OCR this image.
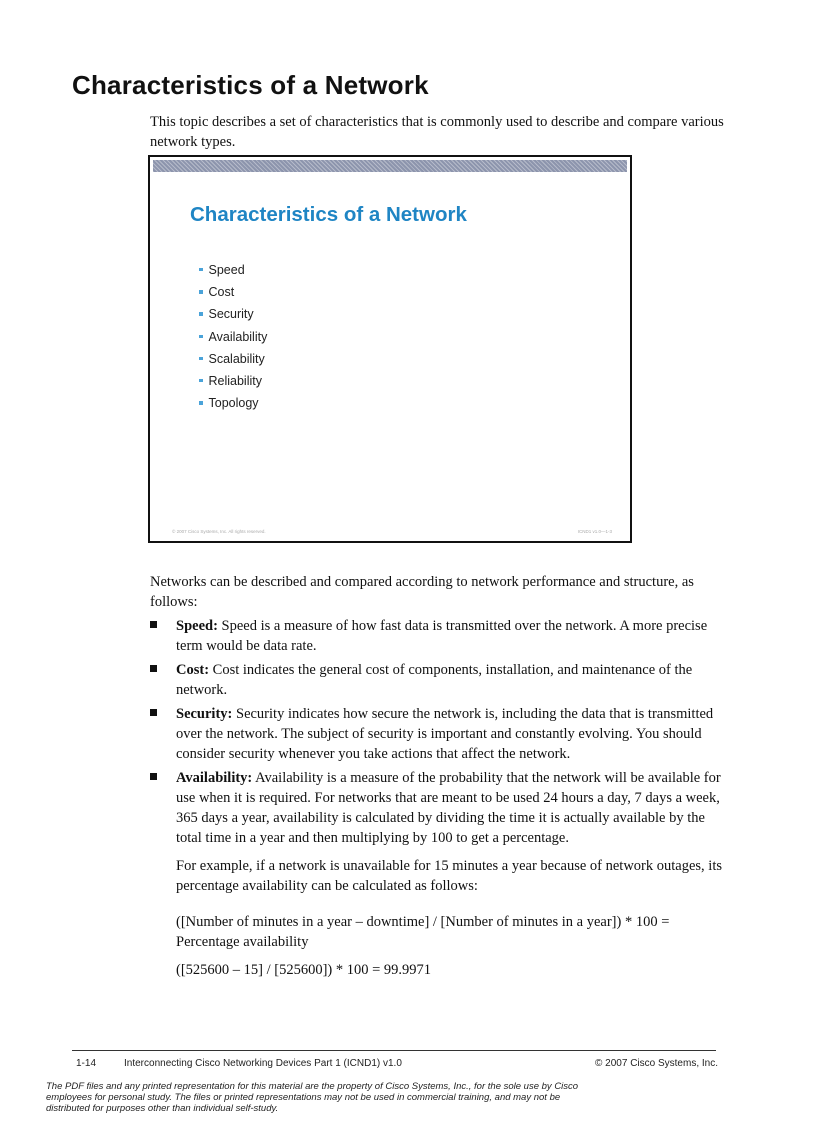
Characteristics of a Network
This topic describes a set of characteristics that is commonly used to describe and compare various network types.
Characteristics of a Network
Speed
Cost
Security
Availability
Scalability
Reliability
Topology
© 2007 Cisco Systems, Inc. All rights reserved.	ICND1 v1.0—1-3
Networks can be described and compared according to network performance and structure, as follows:
Speed: Speed is a measure of how fast data is transmitted over the network. A more precise term would be data rate.
Cost: Cost indicates the general cost of components, installation, and maintenance of the network.
Security: Security indicates how secure the network is, including the data that is transmitted over the network. The subject of security is important and constantly evolving. You should consider security whenever you take actions that affect the network.
Availability: Availability is a measure of the probability that the network will be available for use when it is required. For networks that are meant to be used 24 hours a day, 7 days a week, 365 days a year, availability is calculated by dividing the time it is actually available by the total time in a year and then multiplying by 100 to get a percentage.
For example, if a network is unavailable for 15 minutes a year because of network outages, its percentage availability can be calculated as follows:
([Number of minutes in a year – downtime] / [Number of minutes in a year]) * 100 = Percentage availability
([525600 – 15] / [525600]) * 100 = 99.9971
1-14	Interconnecting Cisco Networking Devices Part 1 (ICND1) v1.0	© 2007 Cisco Systems, Inc.
The PDF files and any printed representation for this material are the property of Cisco Systems, Inc., for the sole use by Cisco employees for personal study. The files or printed representations may not be used in commercial training, and may not be distributed for purposes other than individual self-study.
